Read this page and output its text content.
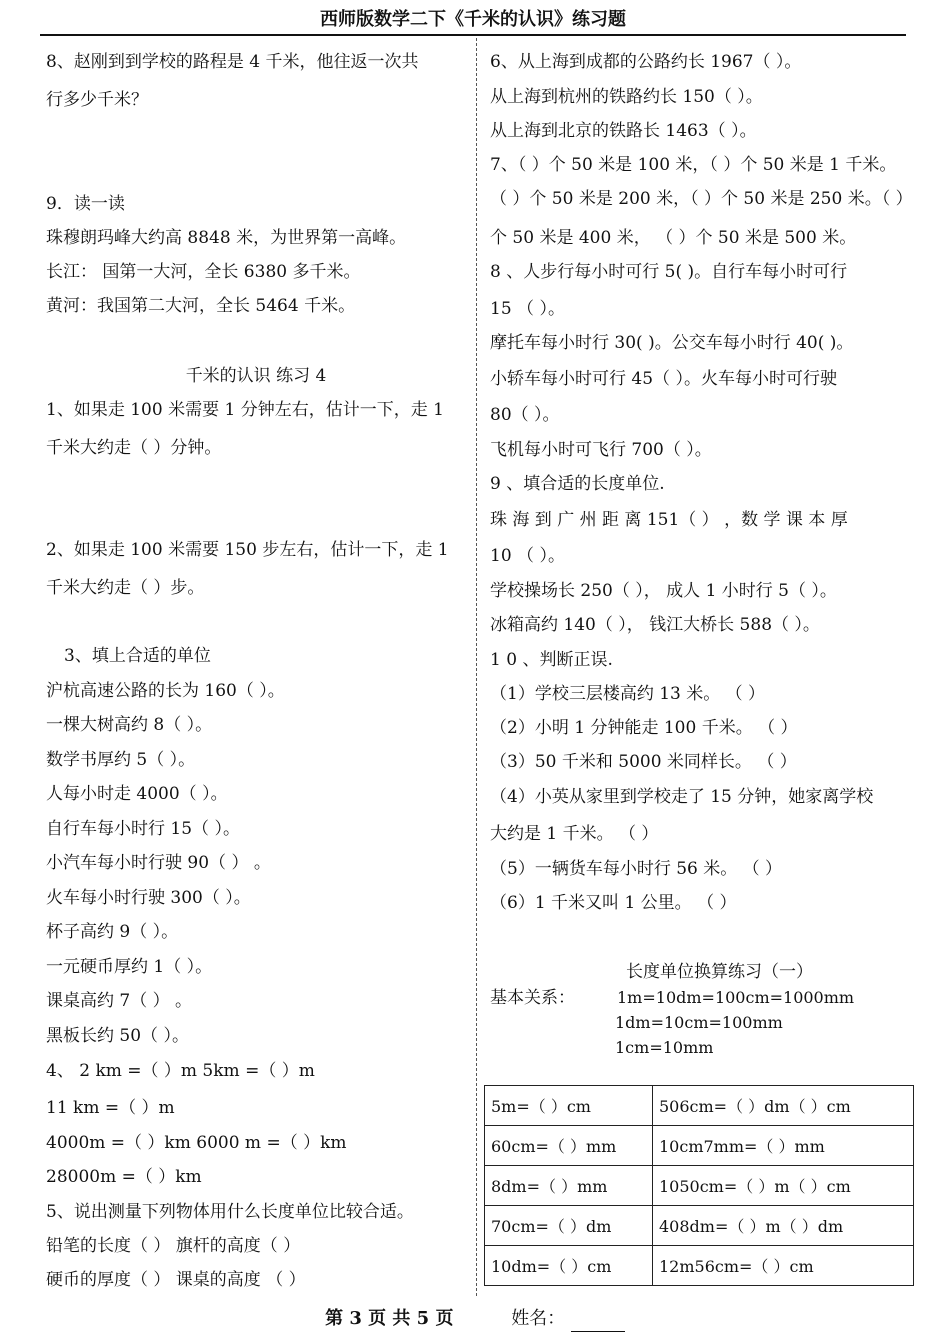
西师版数学二下《千米的认识》练习题
8、赵刚到到学校的路程是 4 千米，他往返一次共
行多少千米？
9．读一读
珠穆朗玛峰大约高 8848 米，为世界第一高峰。
长江： 国第一大河，全长 6380 多千米。
黄河：我国第二大河，全长 5464 千米。
千米的认识 练习 4
1、如果走 100 米需要 1 分钟左右，估计一下，走 1
千米大约走（ ）分钟。
2、如果走 100 米需要 150 步左右，估计一下，走 1
千米大约走（ ）步。
3、填上合适的单位
沪杭高速公路的长为 160（ ）。
一棵大树高约 8（ ）。
数学书厚约 5（ ）。
人每小时走 4000（ ）。
自行车每小时行 15（ ）。
小汽车每小时行驶 90（ ） 。
火车每小时行驶 300（ ）。
杯子高约 9（ ）。
一元硬币厚约 1（ ）。
课桌高约 7（ ） 。
黑板长约 50（ ）。
4、 2 km =（ ）m 5km =（ ）m
11 km =（ ）m
4000m =（ ）km 6000 m =（ ）km
28000m =（ ）km
5、说出测量下列物体用什么长度单位比较合适。
铅笔的长度（ ） 旗杆的高度（ ）
硬币的厚度（ ） 课桌的高度 （ ）
6、从上海到成都的公路约长 1967（ ）。
从上海到杭州的铁路约长 150（ ）。
从上海到北京的铁路长 1463（ ）。
7、（ ）个 50 米是 100 米，（ ）个 50 米是 1 千米。
（ ）个 50 米是 200 米，（ ）个 50 米是 250 米。（ ）
个 50 米是 400 米， （ ）个 50 米是 500 米。
8 、人步行每小时可行 5( )。自行车每小时可行
15 （ ）。
摩托车每小时行 30( )。公交车每小时行 40( )。
小轿车每小时可行 45（ ）。火车每小时可行驶
80（ ）。
飞机每小时可飞行 700（ ）。
9 、填合适的长度单位.
珠 海 到 广 州 距 离 151（ ） ，数 学 课 本 厚
10 （ ）。
学校操场长 250（ ）， 成人 1 小时行 5（ ）。
冰箱高约 140（ ）， 钱江大桥长 588（ ）。
1 0 、判断正误.
（1）学校三层楼高约 13 米。 （ ）
（2）小明 1 分钟能走 100 千米。 （ ）
（3）50 千米和 5000 米同样长。 （ ）
（4）小英从家里到学校走了 15 分钟，她家离学校
大约是 1 千米。 （ ）
（5）一辆货车每小时行 56 米。 （ ）
（6）1 千米又叫 1 公里。 （ ）
长度单位换算练习（一）
基本关系：	1m=10dm=100cm=1000mm
1dm=10cm=100mm
1cm=10mm
5m=（ ）cm	506cm=（ ）dm（ ）cm
60cm=（ ）mm	10cm7mm=（ ）mm
8dm=（ ）mm	1050cm=（ ）m（ ）cm
70cm=（ ）dm	408dm=（ ）m（ ）dm
10dm=（ ）cm	12m56cm=（ ）cm
第 3 页 共 5 页	姓名：
